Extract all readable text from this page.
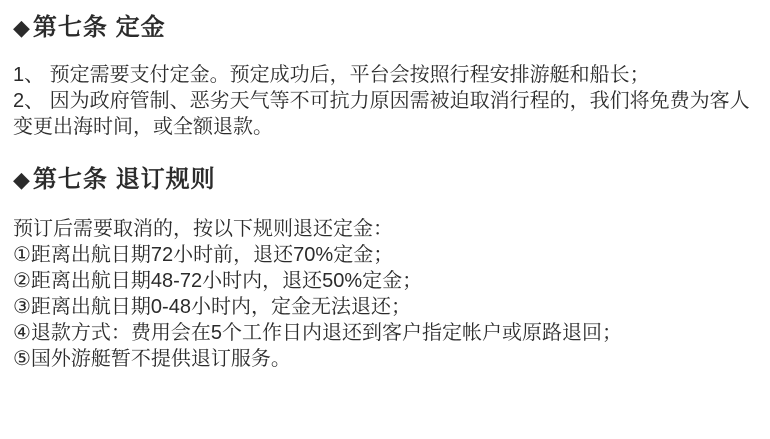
◆第七条 定金
1、 预定需要支付定金。预定成功后，平台会按照行程安排游艇和船长；
2、 因为政府管制、恶劣天气等不可抗力原因需被迫取消行程的，我们将免费为客人变更出海时间，或全额退款。
◆第七条 退订规则
预订后需要取消的，按以下规则退还定金：
①距离出航日期72小时前，退还70%定金；
②距离出航日期48-72小时内，退还50%定金；
③距离出航日期0-48小时内，定金无法退还；
④退款方式：费用会在5个工作日内退还到客户指定帐户或原路退回；
⑤国外游艇暂不提供退订服务。
